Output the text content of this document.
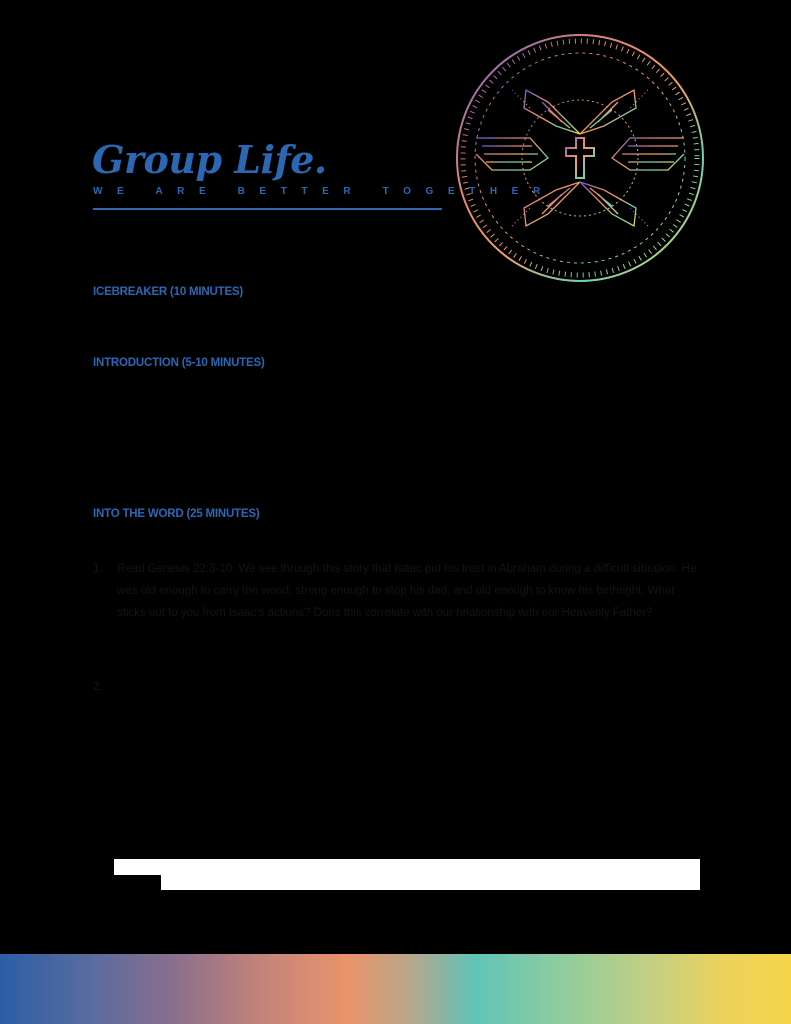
Group Life.
WE ARE BETTER TOGETHER
ICEBREAKER (10 MINUTES)
INTRODUCTION (5-10 MINUTES)
INTO THE WORD (25 MINUTES)
1. Read Genesis 22:3-10. We see through this story that Isaac put his trust in Abraham during a difficult situation. He was old enough to carry the wood, strong enough to stop his dad, and old enough to know his birthright. What sticks out to you from Isaac’s actions? Does this correlate with our relationship with our Heavenly Father?
2.
